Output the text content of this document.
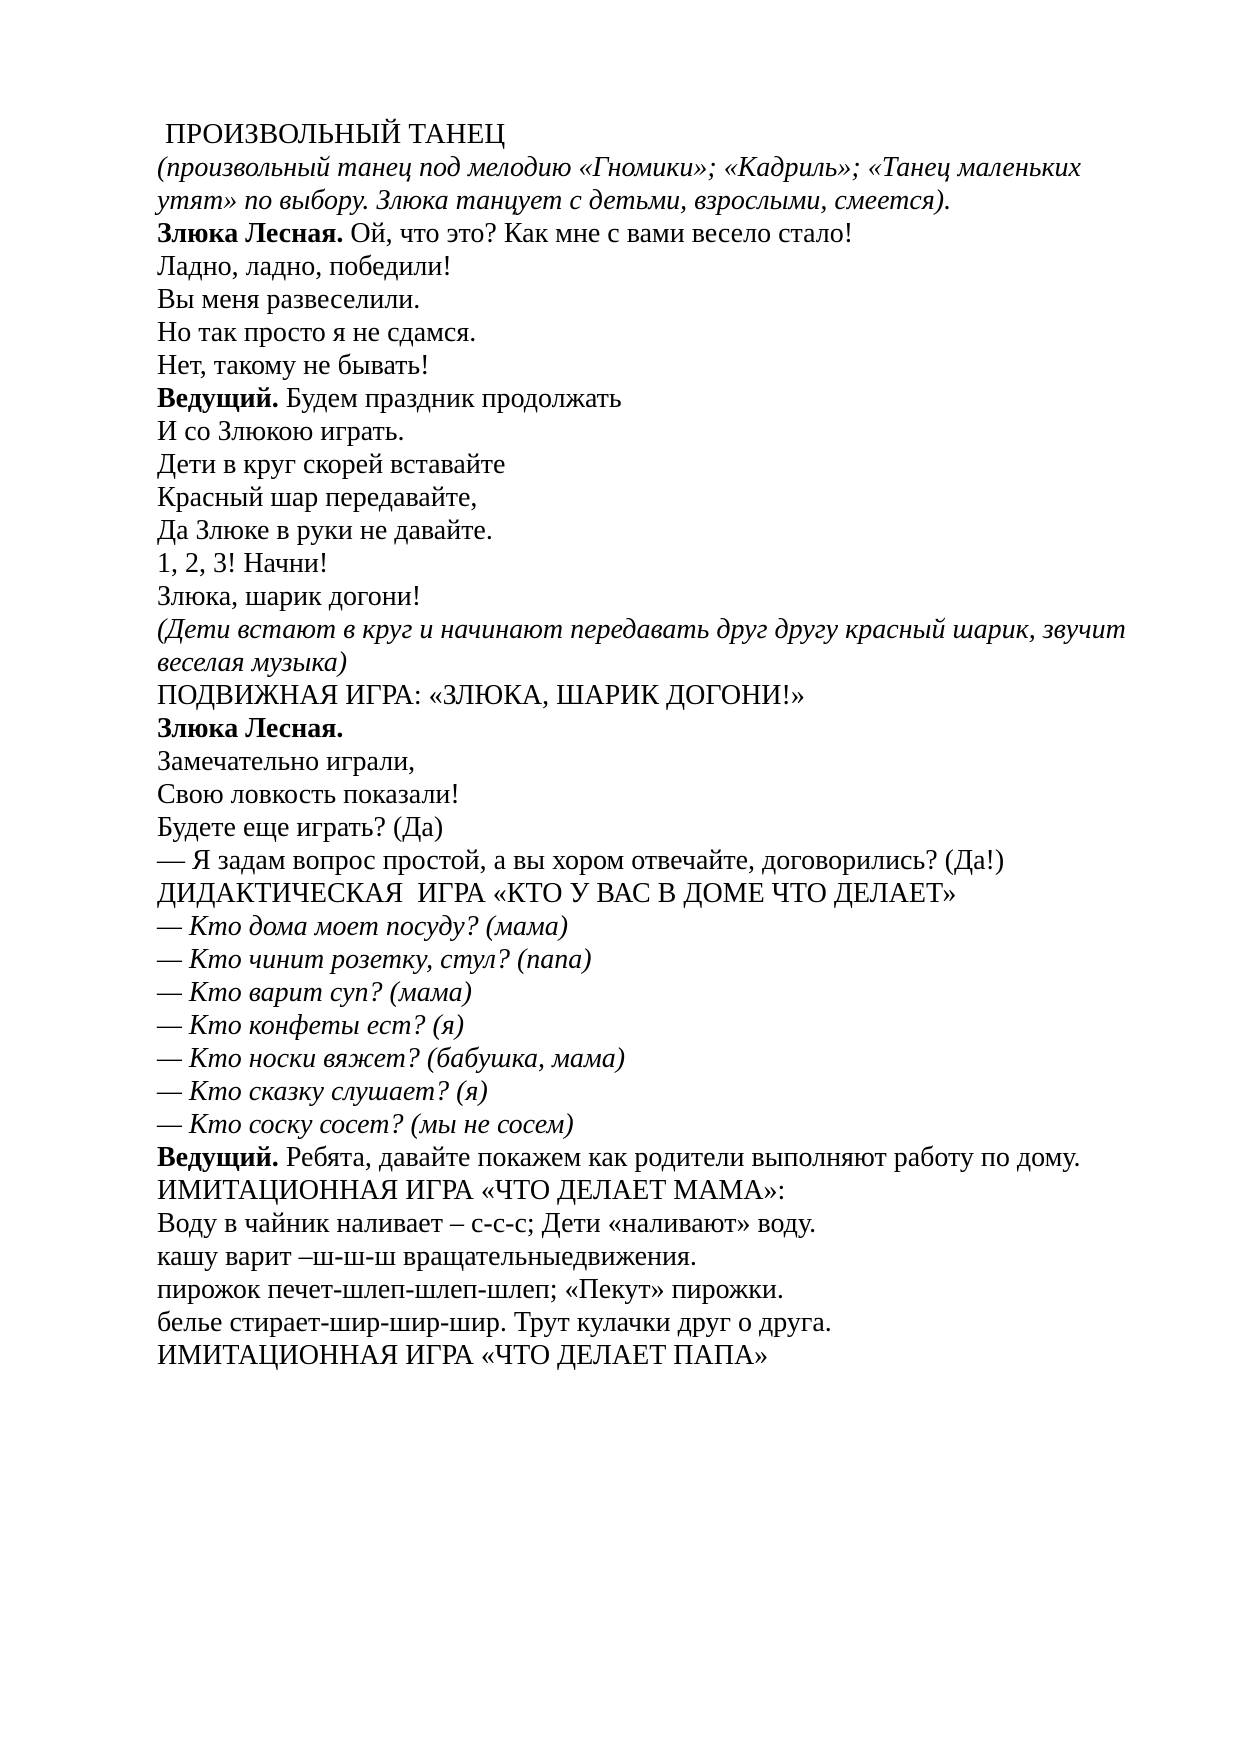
ПРОИЗВОЛЬНЫЙ ТАНЕЦ

(произвольный танец под мелодию «Гномики»; «Кадриль»; «Танец маленьких утят» по выбору. Злюка танцует с детьми, взрослыми, смеется).

Злюка Лесная. Ой, что это? Как мне с вами весело стало!

Ладно, ладно, победили!

Вы меня развеселили.

Но так просто я не сдамся.

Нет, такому не бывать!

Ведущий. Будем праздник продолжать

И со Злюкою играть.

Дети в круг скорей вставайте

Красный шар передавайте,

Да Злюке в руки не давайте.

1, 2, 3! Начни!

Злюка, шарик догони!

(Дети встают в круг и начинают передавать друг другу красный шарик, звучит веселая музыка)

ПОДВИЖНАЯ ИГРА: «ЗЛЮКА, ШАРИК ДОГОНИ!»

Злюка Лесная.

Замечательно играли,

Свою ловкость показали!

Будете еще играть? (Да)

— Я задам вопрос простой, а вы хором отвечайте, договорились? (Да!)

ДИДАКТИЧЕСКАЯ  ИГРА «КТО У ВАС В ДОМЕ ЧТО ДЕЛАЕТ»

— Кто дома моет посуду? (мама)

— Кто чинит розетку, стул? (папа)

— Кто варит суп? (мама)

— Кто конфеты ест? (я)

— Кто носки вяжет? (бабушка, мама)

— Кто сказку слушает? (я)

— Кто соску сосет? (мы не сосем)

Ведущий. Ребята, давайте покажем как родители выполняют работу по дому.

ИМИТАЦИОННАЯ ИГРА «ЧТО ДЕЛАЕТ МАМА»:

Воду в чайник наливает – с-с-с; Дети «наливают» воду.

кашу варит –ш-ш-ш вращательныедвижения.

пирожок печет-шлеп-шлеп-шлеп; «Пекут» пирожки.

белье стирает-шир-шир-шир. Трут кулачки друг о друга.

ИМИТАЦИОННАЯ ИГРА «ЧТО ДЕЛАЕТ ПАПА»
